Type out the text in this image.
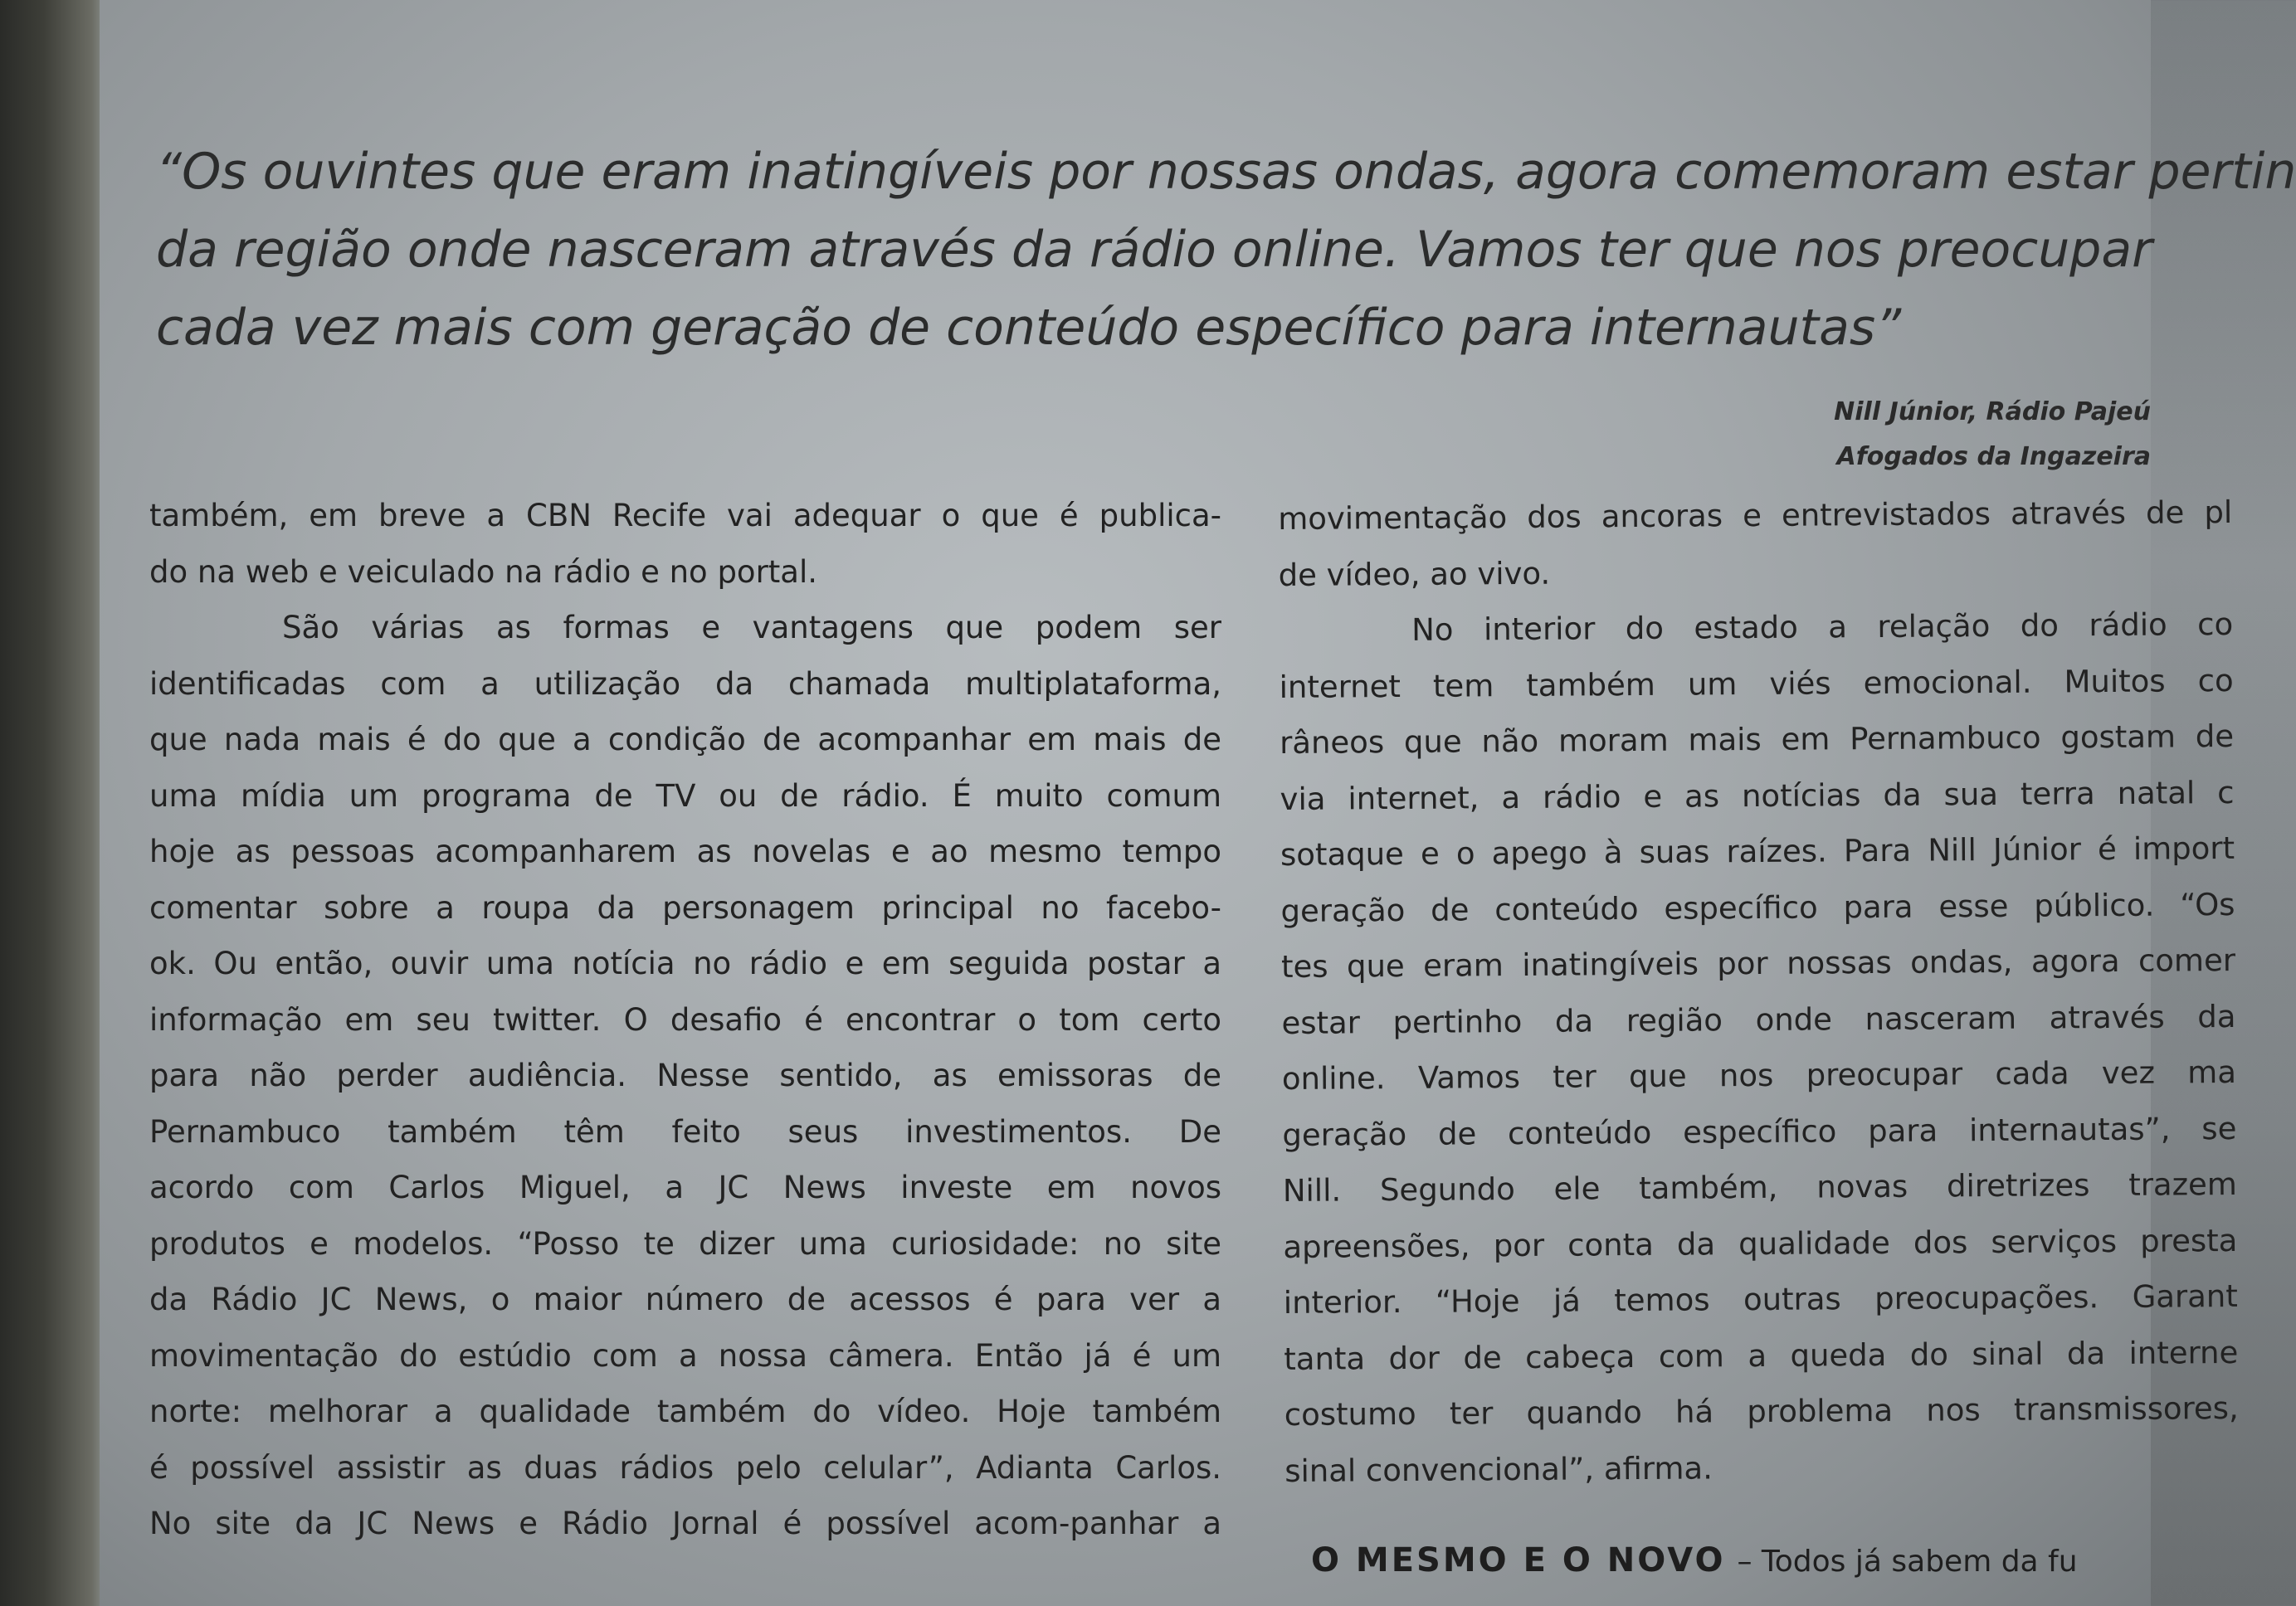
“Os ouvintes que eram inatingíveis por nossas ondas, agora comemoram estar pertin
da região onde nasceram através da rádio online. Vamos ter que nos preocupar
cada vez mais com geração de conteúdo específico para internautas”
Nill Júnior, Rádio Pajeú
Afogados da Ingazeira
também, em breve a CBN Recife vai adequar o que é publica-
do na web e veiculado na rádio e no portal.
São várias as formas e vantagens que podem ser
identificadas com a utilização da chamada multiplataforma,
que nada mais é do que a condição de acompanhar em mais de
uma mídia um programa de TV ou de rádio. É muito comum
hoje as pessoas acompanharem as novelas e ao mesmo tempo
comentar sobre a roupa da personagem principal no facebo-
ok. Ou então, ouvir uma notícia no rádio e em seguida postar a
informação em seu twitter. O desafio é encontrar o tom certo
para não perder audiência. Nesse sentido, as emissoras de
Pernambuco também têm feito seus investimentos. De
acordo com Carlos Miguel, a JC News investe em novos
produtos e modelos. “Posso te dizer uma curiosidade: no site
da Rádio JC News, o maior número de acessos é para ver a
movimentação do estúdio com a nossa câmera. Então já é um
norte: melhorar a qualidade também do vídeo. Hoje também
é possível assistir as duas rádios pelo celular”, Adianta Carlos.
No site da JC News e Rádio Jornal é possível acom-panhar a
movimentação dos ancoras e entrevistados através de pl
de vídeo, ao vivo.
No interior do estado a relação do rádio co
internet tem também um viés emocional. Muitos co
râneos que não moram mais em Pernambuco gostam de
via internet, a rádio e as notícias da sua terra natal c
sotaque e o apego à suas raízes. Para Nill Júnior é import
geração de conteúdo específico para esse público. “Os
tes que eram inatingíveis por nossas ondas, agora comer
estar pertinho da região onde nasceram através da
online. Vamos ter que nos preocupar cada vez ma
geração de conteúdo específico para internautas”, se
Nill. Segundo ele também, novas diretrizes trazem
apreensões, por conta da qualidade dos serviços presta
interior. “Hoje já temos outras preocupações. Garant
tanta dor de cabeça com a queda do sinal da interne
costumo ter quando há problema nos transmissores,
sinal convencional”, afirma.
O MESMO E O NOVO – Todos já sabem da fu
